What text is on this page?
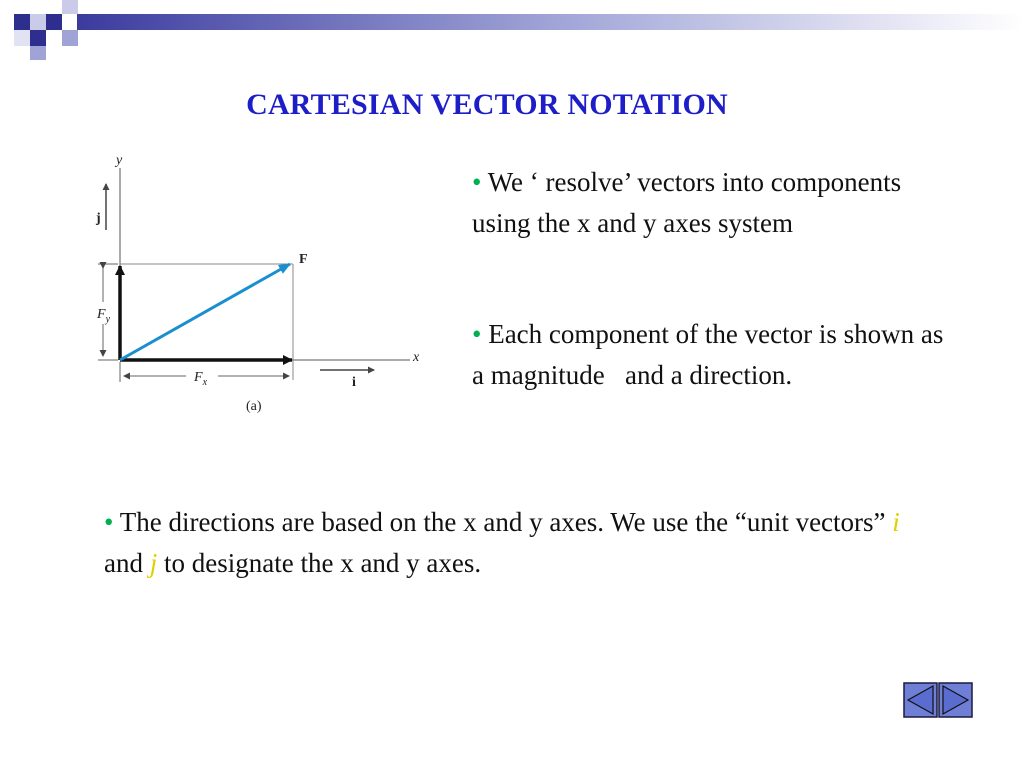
CARTESIAN VECTOR NOTATION
y
x
j
i
F
$F_y$
$F_x$
(a)
• We ‘ resolve’ vectors into components using the x and y axes system
• Each component of the vector is shown as a magnitude   and a direction.
• The directions are based on the x and y axes. We use the “unit vectors” i and j to designate the x and y axes.
